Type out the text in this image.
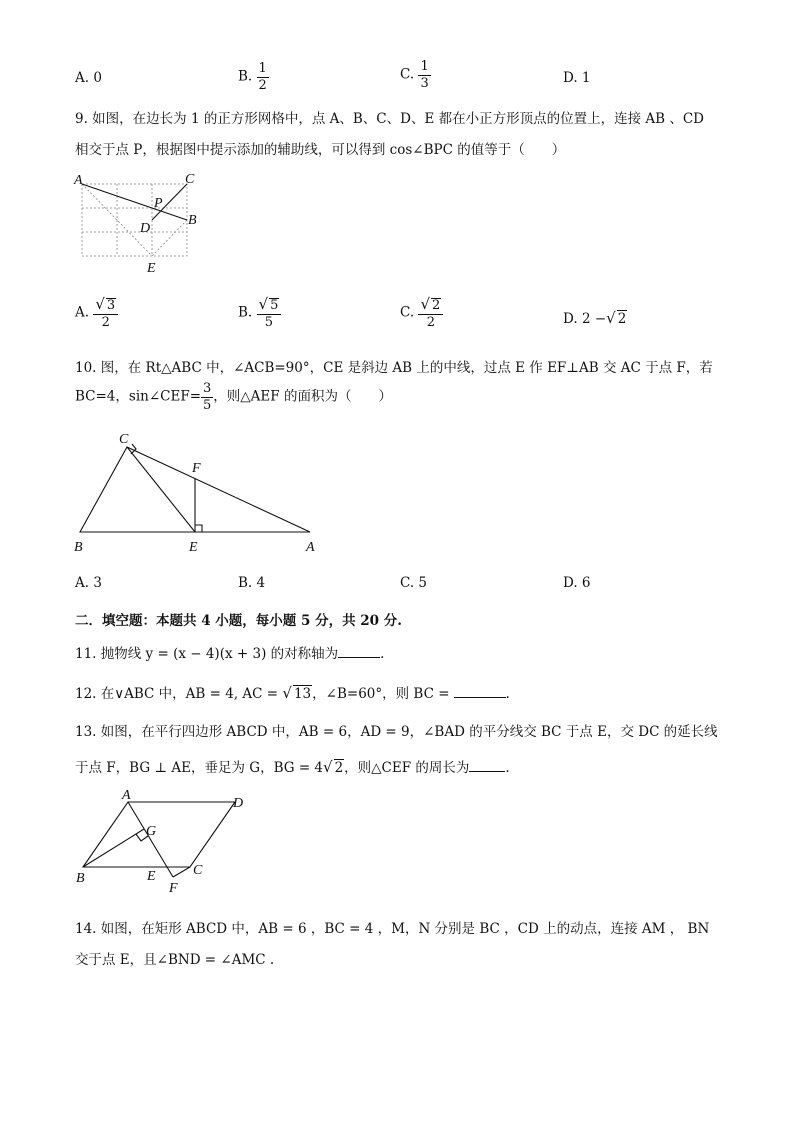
A. 0	B. $\frac{1}{2}$	C. $\frac{1}{3}$	D. 1
9. 如图，在边长为 1 的正方形网格中，点 A、B、C、D、E 都在小正方形顶点的位置上，连接 AB 、CD
相交于点 P，根据图中提示添加的辅助线，可以得到 cos∠BPC 的值等于（　　）
A	C
P
D
B
E
A. $\frac{√ 3}{2}$	B. $\frac{√ 5}{5}$	C. $\frac{√ 2}{2}$	D. 2 −√ 2
10. 图，在 Rt△ABC 中，∠ACB=90°，CE 是斜边 AB 上的中线，过点 E 作 EF⊥AB 交 AC 于点 F，若
BC=4，sin∠CEF= $\frac{3}{5}$ ，则△AEF 的面积为（　　）
C
F
B	E	A
A. 3	B. 4	C. 5	D. 6
二．填空题：本题共 4 小题，每小题 5 分，共 20 分.
11. 抛物线 y = (x − 4)(x + 3) 的对称轴为	.
12. 在∨ABC 中，AB = 4, AC = √ 13，∠B=60°，则 BC =	.
13. 如图，在平行四边形 ABCD 中，AB = 6，AD = 9，∠BAD 的平分线交 BC 于点 E，交 DC 的延长线
于点 F，BG ⊥ AE，垂足为 G，BG = 4√ 2，则△CEF 的周长为	.
A
D
G
B	E	C
F
14. 如图，在矩形 ABCD 中，AB = 6 ，BC = 4 ，M，N 分别是 BC ，CD 上的动点，连接 AM ， BN
交于点 E，且∠BND = ∠AMC .
